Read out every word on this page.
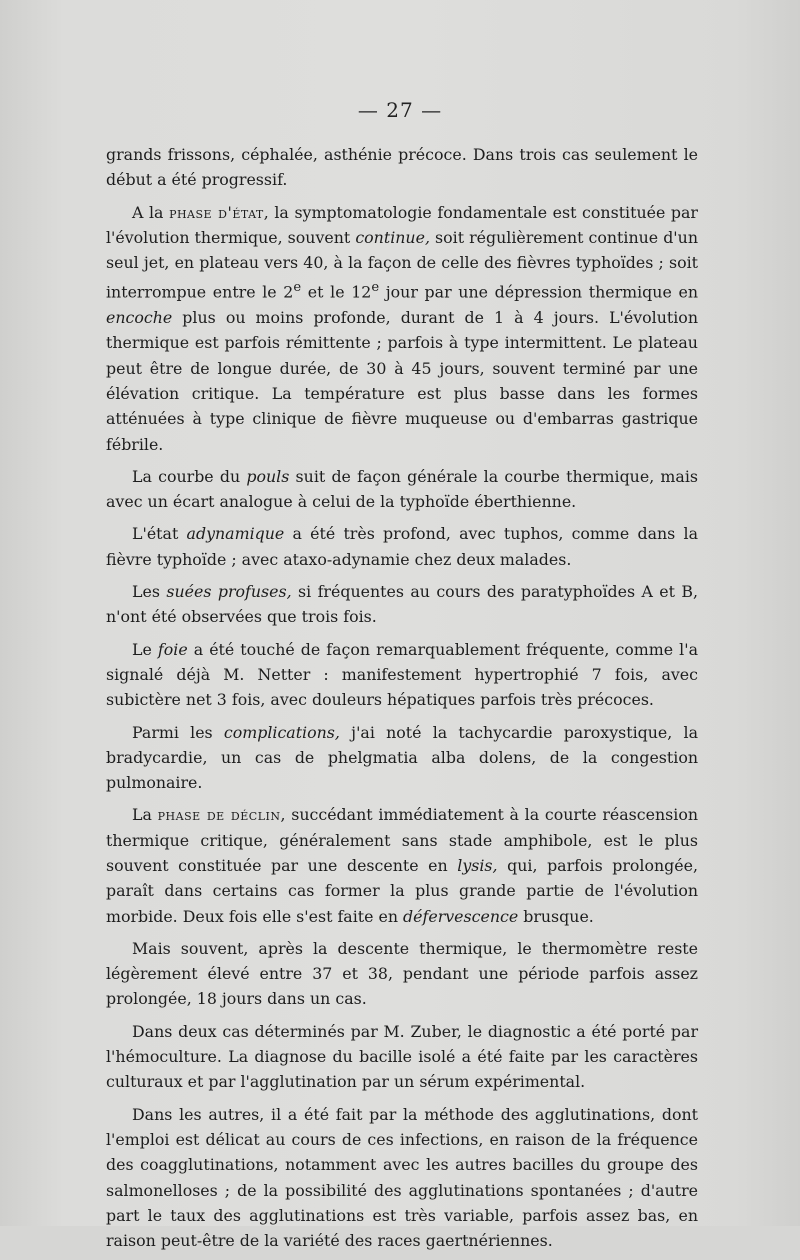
— 27 —

grands frissons, céphalée, asthénie précoce. Dans trois cas seulement le début a été progressif.

A la phase d'état, la symptomatologie fondamentale est constituée par l'évolution thermique, souvent continue, soit régulièrement continue d'un seul jet, en plateau vers 40, à la façon de celle des fièvres typhoïdes ; soit interrompue entre le 2e et le 12e jour par une dépression thermique en encoche plus ou moins profonde, durant de 1 à 4 jours. L'évolution thermique est parfois rémittente ; parfois à type intermittent. Le plateau peut être de longue durée, de 30 à 45 jours, souvent terminé par une élévation critique. La température est plus basse dans les formes atténuées à type clinique de fièvre muqueuse ou d'embarras gastrique fébrile.

La courbe du pouls suit de façon générale la courbe thermique, mais avec un écart analogue à celui de la typhoïde éberthienne.

L'état adynamique a été très profond, avec tuphos, comme dans la fièvre typhoïde ; avec ataxo-adynamie chez deux malades.

Les suées profuses, si fréquentes au cours des paratyphoïdes A et B, n'ont été observées que trois fois.

Le foie a été touché de façon remarquablement fréquente, comme l'a signalé déjà M. Netter : manifestement hypertrophié 7 fois, avec subictère net 3 fois, avec douleurs hépatiques parfois très précoces.

Parmi les complications, j'ai noté la tachycardie paroxystique, la bradycardie, un cas de phelgmatia alba dolens, de la congestion pulmonaire.

La phase de déclin, succédant immédiatement à la courte réascension thermique critique, généralement sans stade amphibole, est le plus souvent constituée par une descente en lysis, qui, parfois prolongée, paraît dans certains cas former la plus grande partie de l'évolution morbide. Deux fois elle s'est faite en défervescence brusque.

Mais souvent, après la descente thermique, le thermomètre reste légèrement élevé entre 37 et 38, pendant une période parfois assez prolongée, 18 jours dans un cas.

Dans deux cas déterminés par M. Zuber, le diagnostic a été porté par l'hémoculture. La diagnose du bacille isolé a été faite par les caractères culturaux et par l'agglutination par un sérum expérimental.

Dans les autres, il a été fait par la méthode des agglutinations, dont l'emploi est délicat au cours de ces infections, en raison de la fréquence des coagglutinations, notamment avec les autres bacilles du groupe des salmonelloses ; de la possibilité des agglutinations spontanées ; d'autre part le taux des agglutinations est très variable, parfois assez bas, en raison peut-être de la variété des races gaertnériennes.
